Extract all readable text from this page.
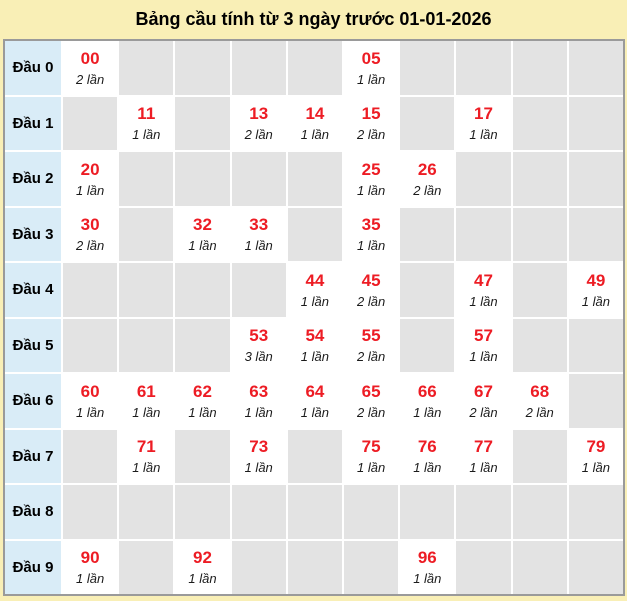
Bảng cầu tính từ 3 ngày trước 01-01-2026
Đầu 0	00
2 lần
05
1 lần
Đầu 1	11
1 lần
13
2 lần
14
1 lần
15
2 lần
17
1 lần
Đầu 2	20
1 lần
25
1 lần
26
2 lần
Đầu 3	30
2 lần
32
1 lần
33
1 lần
35
1 lần
Đầu 4	44
1 lần
45
2 lần
47
1 lần
49
1 lần
Đầu 5	53
3 lần
54
1 lần
55
2 lần
57
1 lần
Đầu 6	60
1 lần
61
1 lần
62
1 lần
63
1 lần
64
1 lần
65
2 lần
66
1 lần
67
2 lần
68
2 lần
Đầu 7	71
1 lần
73
1 lần
75
1 lần
76
1 lần
77
1 lần
79
1 lần
Đầu 8
Đầu 9	90
1 lần
92
1 lần
96
1 lần
